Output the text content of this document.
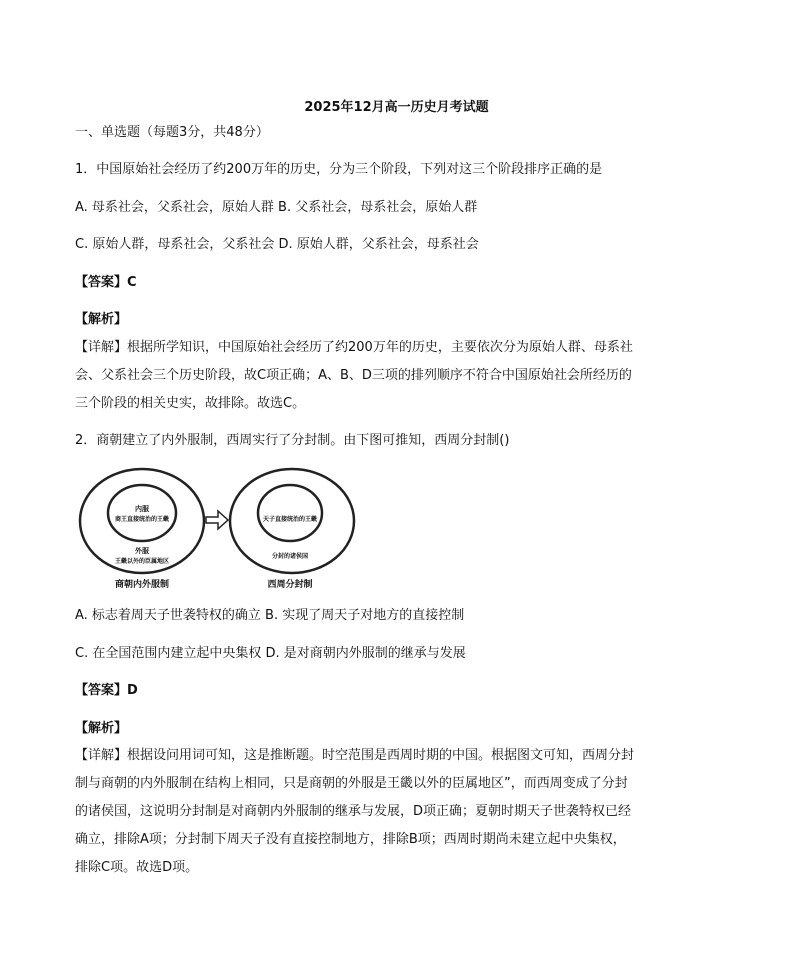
2025年12月高一历史月考试题
一、单选题（每题3分，共48分）
1．中国原始社会经历了约200万年的历史，分为三个阶段，下列对这三个阶段排序正确的是
A. 母系社会，父系社会，原始人群 B. 父系社会，母系社会，原始人群
C. 原始人群，母系社会，父系社会 D. 原始人群，父系社会，母系社会
【答案】C
【解析】
【详解】根据所学知识，中国原始社会经历了约200万年的历史，主要依次分为原始人群、母系社
会、父系社会三个历史阶段，故C项正确；A、B、D三项的排列顺序不符合中国原始社会所经历的
三个阶段的相关史实，故排除。故选C。
2．商朝建立了内外服制，西周实行了分封制。由下图可推知，西周分封制()
内服
商王直接统治的王畿
外服
王畿以外的臣属地区
商朝内外服制
天子直接统治的王畿
分封的诸侯国
西周分封制
A. 标志着周天子世袭特权的确立 B. 实现了周天子对地方的直接控制
C. 在全国范围内建立起中央集权 D. 是对商朝内外服制的继承与发展
【答案】D
【解析】
【详解】根据设问用词可知，这是推断题。时空范围是西周时期的中国。根据图文可知，西周分封
制与商朝的内外服制在结构上相同，只是商朝的外服是王畿以外的臣属地区”，而西周变成了分封
的诸侯国，这说明分封制是对商朝内外服制的继承与发展，D项正确；夏朝时期天子世袭特权已经
确立，排除A项；分封制下周天子没有直接控制地方，排除B项；西周时期尚未建立起中央集权，
排除C项。故选D项。
